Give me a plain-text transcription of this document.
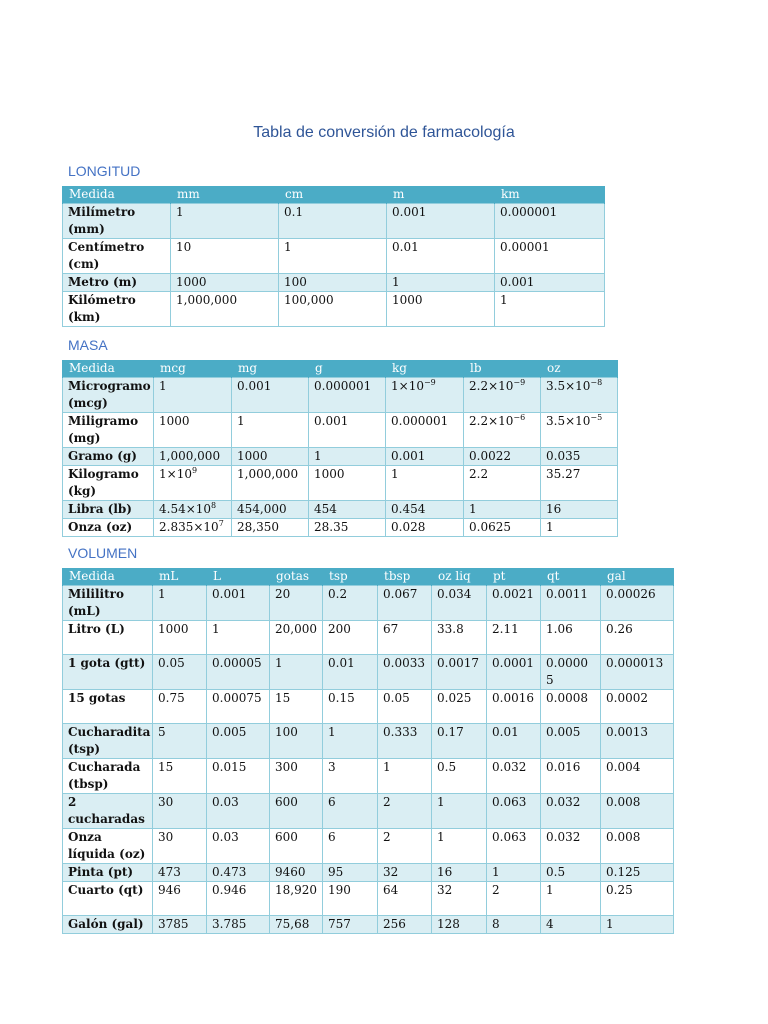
Tabla de conversión de farmacología
LONGITUD
Medida	mm	cm	m	km
Milímetro (mm)	1	0.1	0.001	0.000001
Centímetro (cm)	10	1	0.01	0.00001
Metro (m)	1000	100	1	0.001
Kilómetro (km)	1,000,000	100,000	1000	1
MASA
Medida	mcg	mg	g	kg	lb	oz
Microgramo (mcg)	1	0.001	0.000001	$1\times 10^{-9}$	$2.2\times 10^{-9}$	$3.5\times 10^{-8}$
Miligramo (mg)	1000	1	0.001	0.000001	$2.2\times 10^{-6}$	$3.5\times 10^{-5}$
Gramo (g)	1,000,000	1000	1	0.001	0.0022	0.035
Kilogramo (kg)	$1\times 10^9$	1,000,000	1000	1	2.2	35.27
Libra (lb)	$4.54\times 10^8$	454,000	454	0.454	1	16
Onza (oz)	$2.835\times 10^7$	28,350	28.35	0.028	0.0625	1
VOLUMEN
Medida	mL	L	gotas	tsp	tbsp	oz liq	pt	qt	gal
Mililitro (mL)	1	0.001	20	0.2	0.067	0.034	0.0021	0.0011	0.00026
Litro (L)	1000	1	20,000	200	67	33.8	2.11	1.06	0.26
1 gota (gtt)	0.05	0.00005	1	0.01	0.0033	0.0017	0.0001	0.00005	0.000013
15 gotas	0.75	0.00075	15	0.15	0.05	0.025	0.0016	0.0008	0.0002
Cucharadita (tsp)	5	0.005	100	1	0.333	0.17	0.01	0.005	0.0013
Cucharada (tbsp)	15	0.015	300	3	1	0.5	0.032	0.016	0.004
2 cucharadas	30	0.03	600	6	2	1	0.063	0.032	0.008
Onza líquida (oz)	30	0.03	600	6	2	1	0.063	0.032	0.008
Pinta (pt)	473	0.473	9460	95	32	16	1	0.5	0.125
Cuarto (qt)	946	0.946	18,920	190	64	32	2	1	0.25
Galón (gal)	3785	3.785	75,68	757	256	128	8	4	1
